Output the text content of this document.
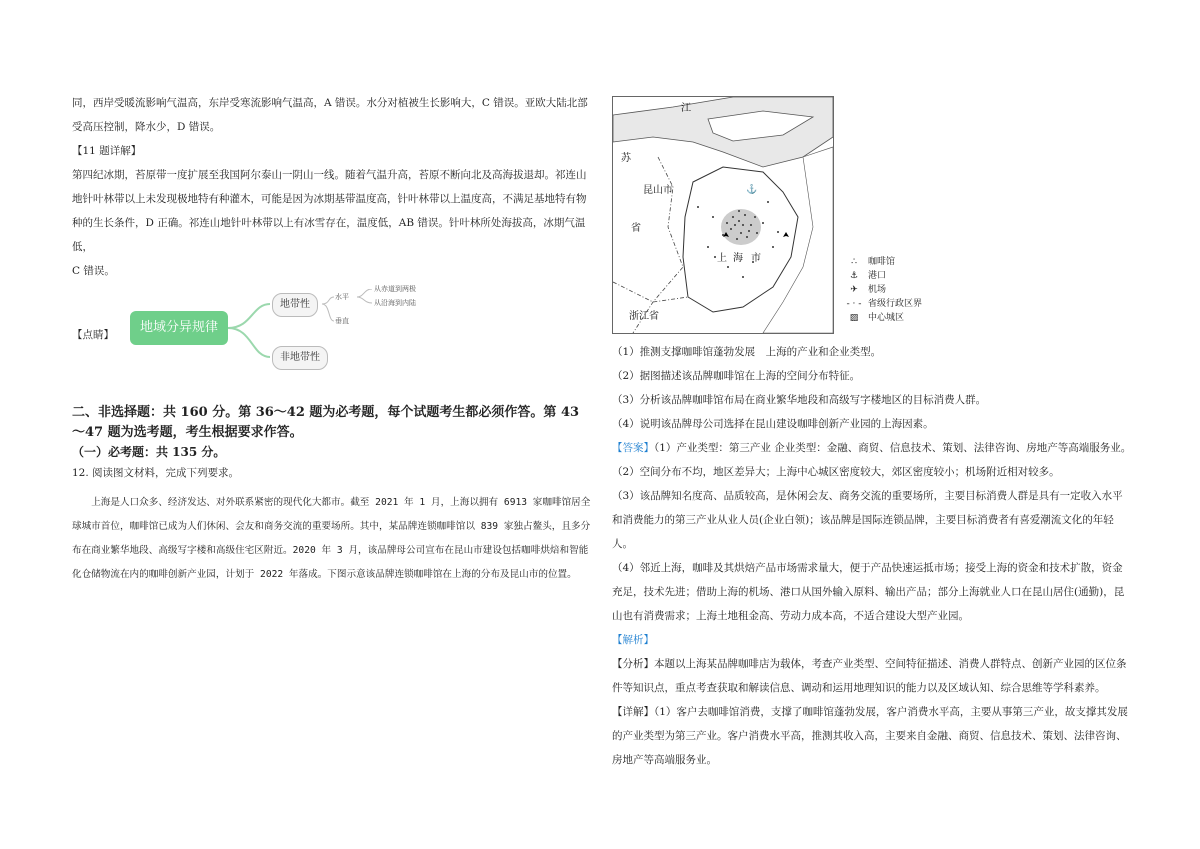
同，西岸受暖流影响气温高，东岸受寒流影响气温高，A 错误。水分对植被生长影响大，C 错误。亚欧大陆北部

受高压控制，降水少，D 错误。

【11 题详解】

第四纪冰期，苔原带一度扩展至我国阿尔泰山一阴山一线。随着气温升高，苔原不断向北及高海拔退却。祁连山

地针叶林带以上未发现极地特有种灌木，可能是因为冰期基带温度高，针叶林带以上温度高，不满足基地特有物

种的生长条件，D 正确。祁连山地针叶林带以上有冰雪存在，温度低，AB 错误。针叶林所处海拔高，冰期气温低，

C 错误。

【点睛】	地域分异规律
地带性
非地带性
水平
垂直
从赤道到两极
从沿海到内陆
二、非选择题：共 160 分。第 36～42 题为必考题，每个试题考生都必须作答。第 43～47 题为选考题，考生根据要求作答。
（一）必考题：共 135 分。

12. 阅读图文材料，完成下列要求。

上海是人口众多、经济发达、对外联系紧密的现代化大都市。截至 2021 年 1 月，上海以拥有 6913 家咖啡馆居全球城市首位，咖啡馆已成为人们休闲、会友和商务交流的重要场所。其中，某品牌连锁咖啡馆以 839 家独占鳌头，且多分布在商业繁华地段、高级写字楼和高级住宅区附近。2020 年 3 月，该品牌母公司宣布在昆山市建设包括咖啡烘焙和智能化仓储物流在内的咖啡创新产业园，计划于 2022 年落成。下图示意该品牌连锁咖啡馆在上海的分布及昆山市的位置。

⚓
江
苏
昆山市
省
上 海 市
浙江省
∴	咖啡馆
⚓	港口
✈	机场
- · - 省级行政区界
▨	中心城区

（1）推测支撑咖啡馆蓬勃发展　上海的产业和企业类型。

（2）据图描述该品牌咖啡馆在上海的空间分布特征。

（3）分析该品牌咖啡馆布局在商业繁华地段和高级写字楼地区的目标消费人群。

（4）说明该品牌母公司选择在昆山建设咖啡创新产业园的上海因素。

【答案】（1）产业类型：第三产业 企业类型：金融、商贸、信息技术、策划、法律咨询、房地产等高端服务业。

（2）空间分布不均，地区差异大；上海中心城区密度较大，郊区密度较小；机场附近相对较多。

（3）该品牌知名度高、品质较高，是休闲会友、商务交流的重要场所，主要目标消费人群是具有一定收入水平和消费能力的第三产业从业人员(企业白领)；该品牌是国际连锁品牌，主要目标消费者有喜爱潮流文化的年轻人。

（4）邻近上海，咖啡及其烘焙产品市场需求量大，便于产品快速运抵市场；接受上海的资金和技术扩散，资金充足，技术先进；借助上海的机场、港口从国外输入原料、输出产品；部分上海就业人口在昆山居住(通勤)，昆山也有消费需求；上海土地租金高、劳动力成本高，不适合建设大型产业园。

【解析】

【分析】本题以上海某品牌咖啡店为载体，考查产业类型、空间特征描述、消费人群特点、创新产业园的区位条件等知识点，重点考查获取和解读信息、调动和运用地理知识的能力以及区域认知、综合思维等学科素养。

【详解】（1）客户去咖啡馆消费，支撑了咖啡馆蓬勃发展，客户消费水平高，主要从事第三产业，故支撑其发展的产业类型为第三产业。客户消费水平高，推测其收入高，主要来自金融、商贸、信息技术、策划、法律咨询、房地产等高端服务业。
